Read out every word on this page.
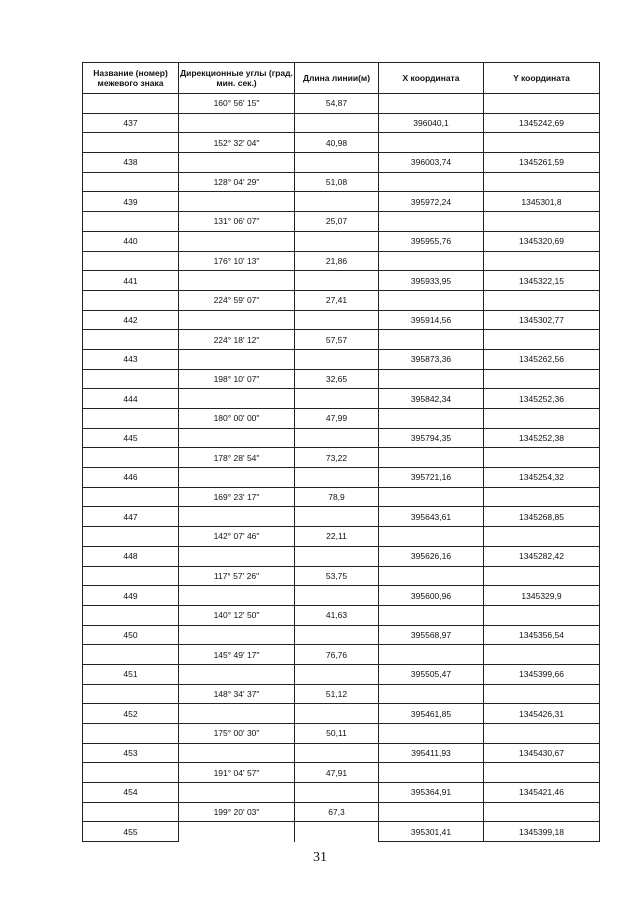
Название (номер) межевого знака	Дирекционные углы (град. мин. сек.)	Длина линии(м)	X координата	Y координата
	160° 56' 15"	54,87		
437			396040,1	1345242,69
	152° 32' 04"	40,98		
438			396003,74	1345261,59
	128° 04' 29"	51,08		
439			395972,24	1345301,8
	131° 06' 07"	25,07		
440			395955,76	1345320,69
	176° 10' 13"	21,86		
441			395933,95	1345322,15
	224° 59' 07"	27,41		
442			395914,56	1345302,77
	224° 18' 12"	57,57		
443			395873,36	1345262,56
	198° 10' 07"	32,65		
444			395842,34	1345252,36
	180° 00' 00"	47,99		
445			395794,35	1345252,38
	178° 28' 54"	73,22		
446			395721,16	1345254,32
	169° 23' 17"	78,9		
447			395643,61	1345268,85
	142° 07' 46"	22,11		
448			395626,16	1345282,42
	117° 57' 26"	53,75		
449			395600,96	1345329,9
	140° 12' 50"	41,63		
450			395568,97	1345356,54
	145° 49' 17"	76,76		
451			395505,47	1345399,66
	148° 34' 37"	51,12		
452			395461,85	1345426,31
	175° 00' 30"	50,11		
453			395411,93	1345430,67
	191° 04' 57"	47,91		
454			395364,91	1345421,46
	199° 20' 03"	67,3		
455			395301,41	1345399,18
31
